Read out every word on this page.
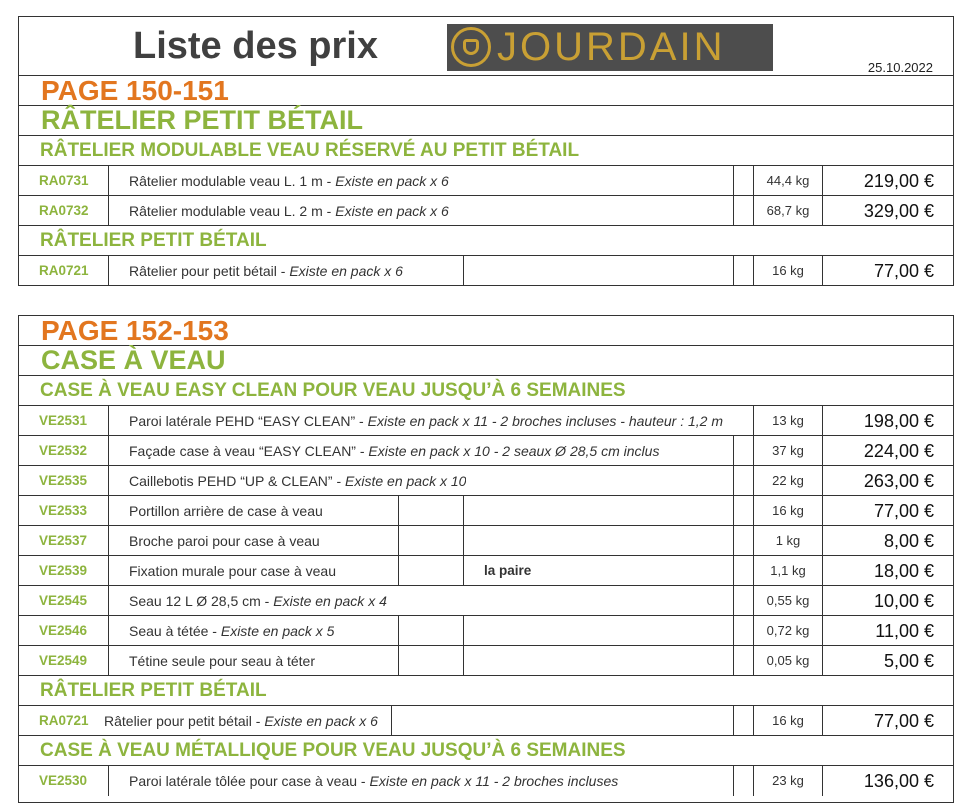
Liste des prix	JOURDAIN	25.10.2022
PAGE 150-151
RÂTELIER PETIT BÉTAIL
RÂTELIER MODULABLE VEAU RÉSERVÉ AU PETIT BÉTAIL
RA0731	Râtelier modulable veau L. 1 m - Existe en pack x 6	44,4 kg	219,00 €
RA0732	Râtelier modulable veau L. 2 m - Existe en pack x 6	68,7 kg	329,00 €
RÂTELIER PETIT BÉTAIL
RA0721	Râtelier pour petit bétail - Existe en pack x 6	16 kg	77,00 €
PAGE 152-153
CASE À VEAU
CASE À VEAU EASY CLEAN POUR VEAU JUSQU’À 6 SEMAINES
VE2531	Paroi latérale PEHD “EASY CLEAN” - Existe en pack x 11 - 2 broches incluses - hauteur : 1,2 m	13 kg	198,00 €
VE2532	Façade case à veau “EASY CLEAN” - Existe en pack x 10 - 2 seaux Ø 28,5 cm inclus	37 kg	224,00 €
VE2535	Caillebotis PEHD “UP & CLEAN” - Existe en pack x 10	22 kg	263,00 €
VE2533	Portillon arrière de case à veau	16 kg	77,00 €
VE2537	Broche paroi pour case à veau	1 kg	8,00 €
VE2539	Fixation murale pour case à veau	la paire	1,1 kg	18,00 €
VE2545	Seau 12 L Ø 28,5 cm - Existe en pack x 4	0,55 kg	10,00 €
VE2546	Seau à tétée - Existe en pack x 5	0,72 kg	11,00 €
VE2549	Tétine seule pour seau à téter	0,05 kg	5,00 €
RÂTELIER PETIT BÉTAIL
RA0721	Râtelier pour petit bétail - Existe en pack x 6	16 kg	77,00 €
CASE À VEAU MÉTALLIQUE POUR VEAU JUSQU’À 6 SEMAINES
VE2530	Paroi latérale tôlée pour case à veau - Existe en pack x 11 - 2 broches incluses	23 kg	136,00 €
